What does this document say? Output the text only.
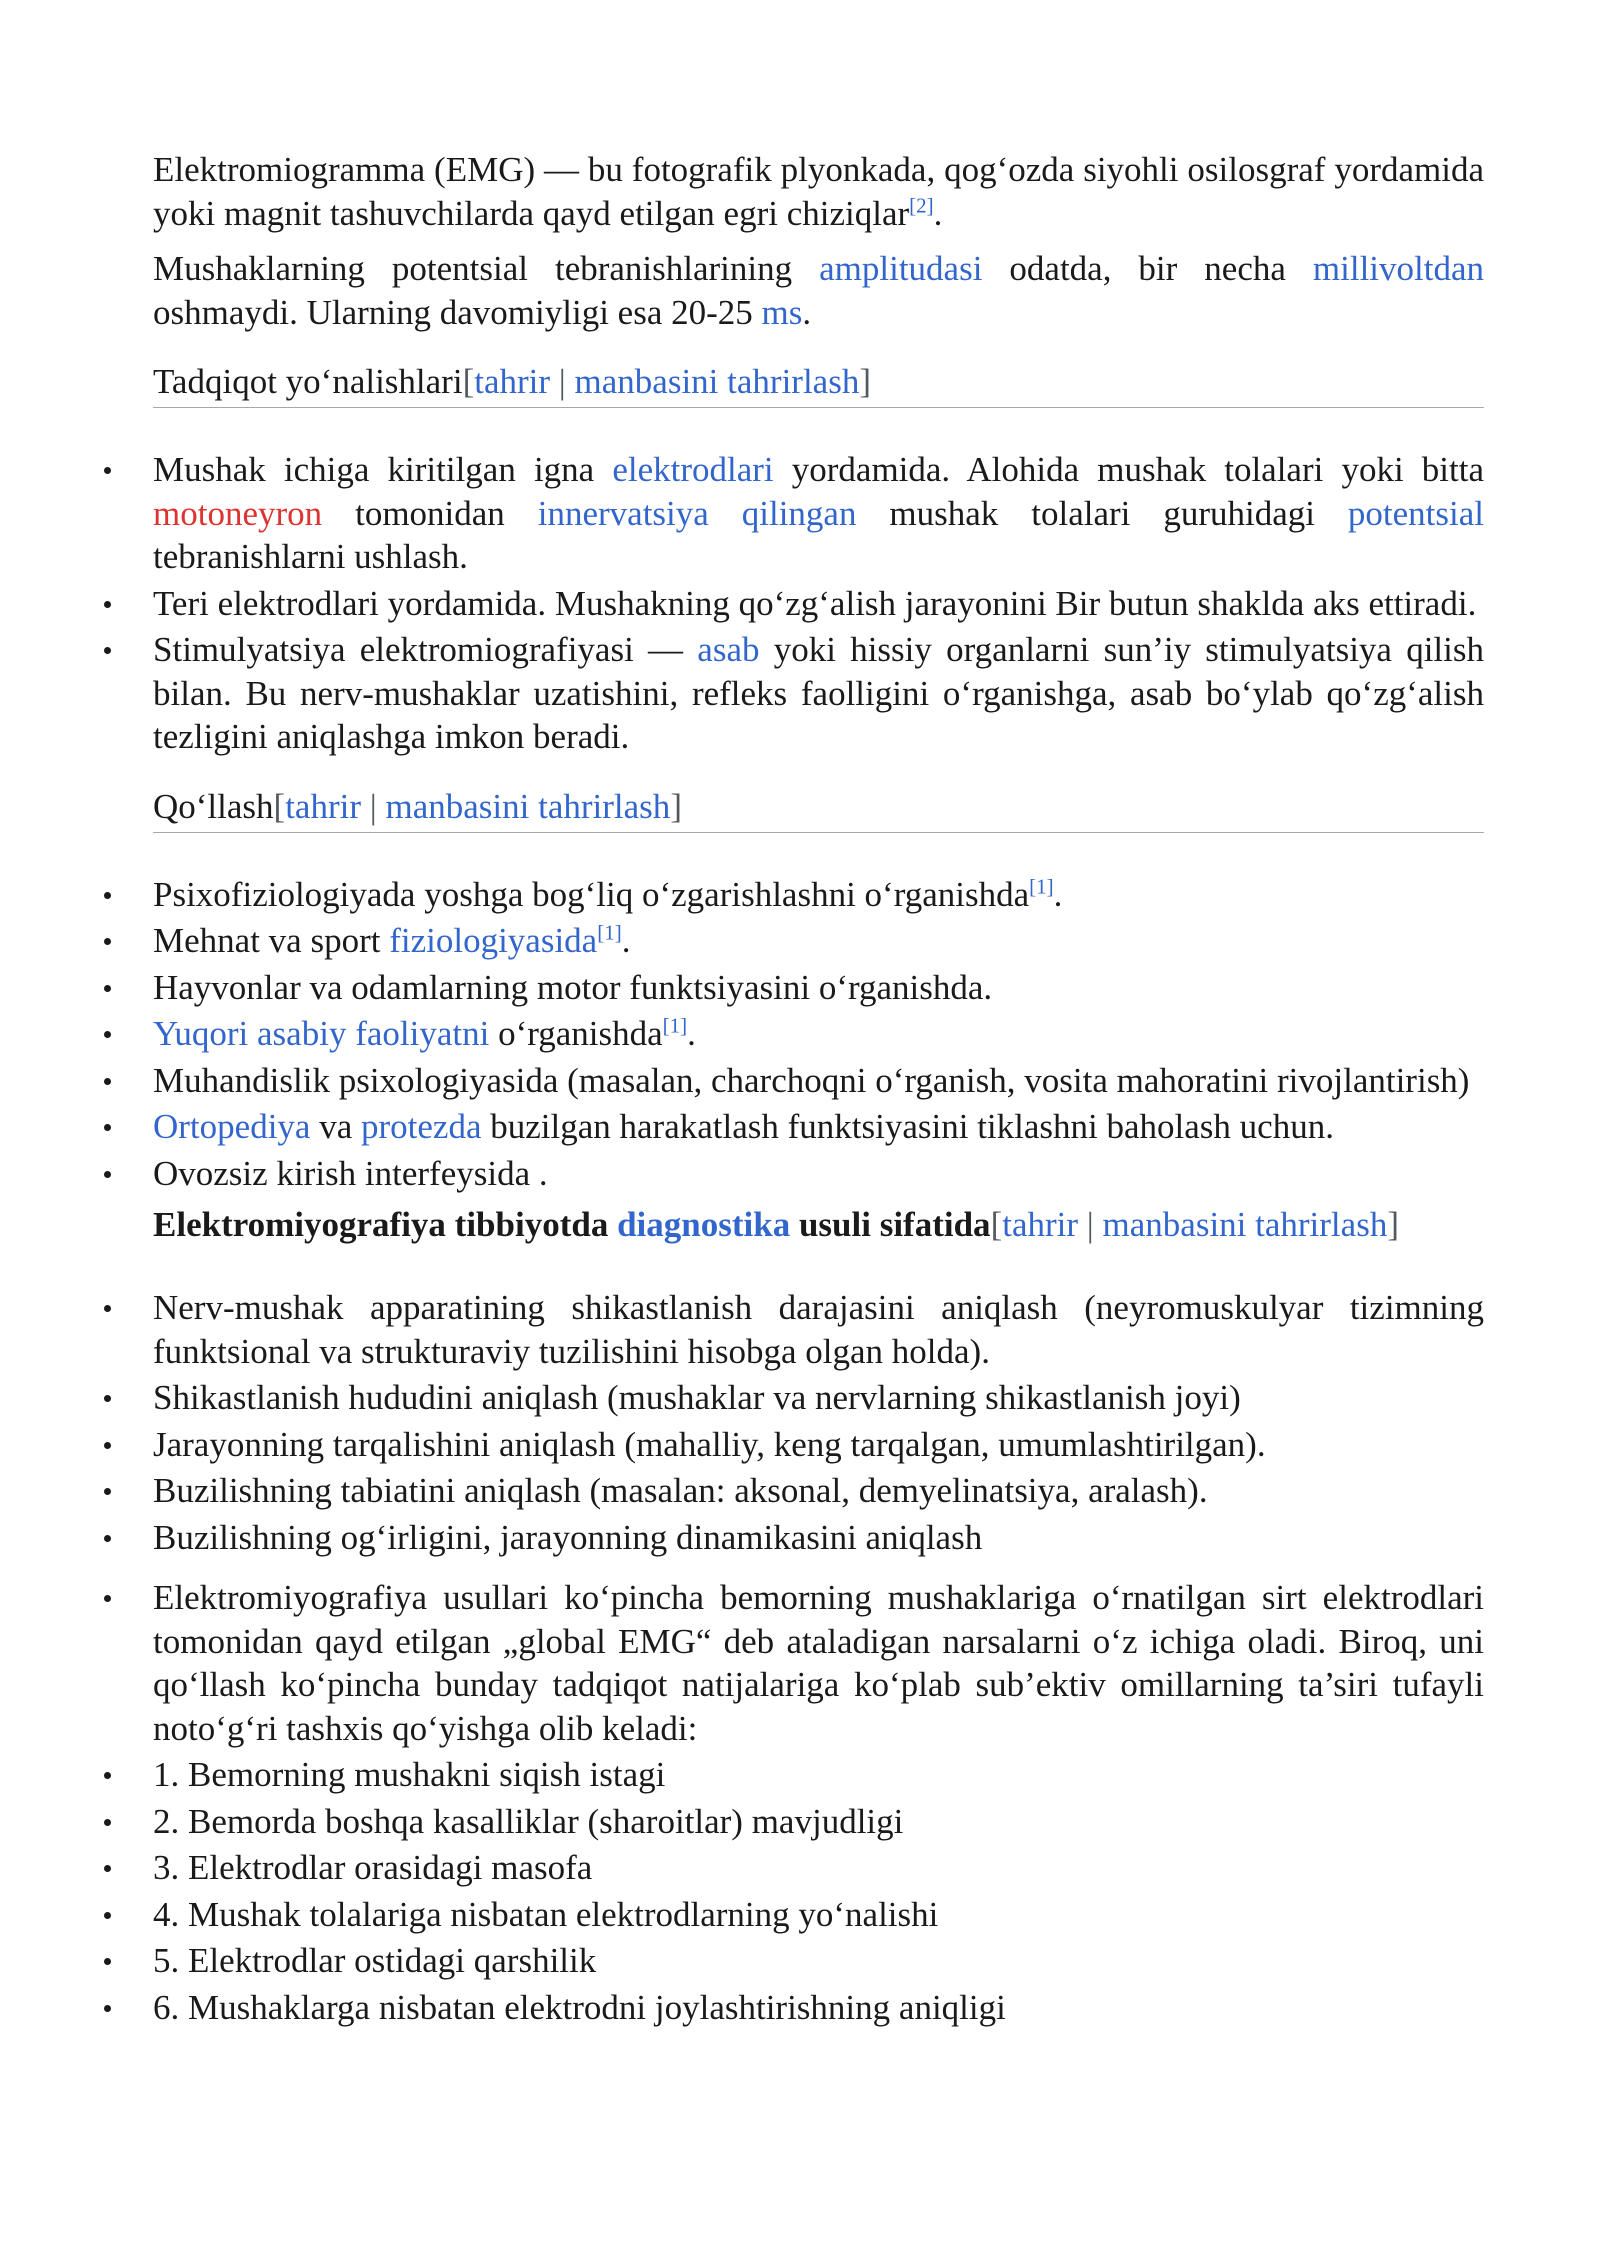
Elektromiogramma (EMG) — bu fotografik plyonkada, qog‘ozda siyohli osilosgraf yordamida yoki magnit tashuvchilarda qayd etilgan egri chiziqlar[2].

Mushaklarning potentsial tebranishlarining amplitudasi odatda, bir necha millivoltdan oshmaydi. Ularning davomiyligi esa 20-25 ms.

Tadqiqot yo‘nalishlari[tahrir | manbasini tahrirlash]
Mushak ichiga kiritilgan igna elektrodlari yordamida. Alohida mushak tolalari yoki bitta motoneyron tomonidan innervatsiya qilingan mushak tolalari guruhidagi potentsial tebranishlarni ushlash.
Teri elektrodlari yordamida. Mushakning qo‘zg‘alish jarayonini Bir butun shaklda aks ettiradi.
Stimulyatsiya elektromiografiyasi — asab yoki hissiy organlarni sun’iy stimulyatsiya qilish bilan. Bu nerv-mushaklar uzatishini, refleks faolligini o‘rganishga, asab bo‘ylab qo‘zg‘alish tezligini aniqlashga imkon beradi.
Qo‘llash[tahrir | manbasini tahrirlash]
Psixofiziologiyada yoshga bog‘liq o‘zgarishlashni o‘rganishda[1].
Mehnat va sport fiziologiyasida[1].
Hayvonlar va odamlarning motor funktsiyasini o‘rganishda.
Yuqori asabiy faoliyatni o‘rganishda[1].
Muhandislik psixologiyasida (masalan, charchoqni o‘rganish, vosita mahoratini rivojlantirish)
Ortopediya va protezda buzilgan harakatlash funktsiyasini tiklashni baholash uchun.
Ovozsiz kirish interfeysida .
Elektromiyografiya tibbiyotda diagnostika usuli sifatida[tahrir | manbasini tahrirlash]
Nerv-mushak apparatining shikastlanish darajasini aniqlash (neyromuskulyar tizimning funktsional va strukturaviy tuzilishini hisobga olgan holda).
Shikastlanish hududini aniqlash (mushaklar va nervlarning shikastlanish joyi)
Jarayonning tarqalishini aniqlash (mahalliy, keng tarqalgan, umumlashtirilgan).
Buzilishning tabiatini aniqlash (masalan: aksonal, demyelinatsiya, aralash).
Buzilishning og‘irligini, jarayonning dinamikasini aniqlash
Elektromiyografiya usullari ko‘pincha bemorning mushaklariga o‘rnatilgan sirt elektrodlari tomonidan qayd etilgan „global EMG“ deb ataladigan narsalarni o‘z ichiga oladi. Biroq, uni qo‘llash ko‘pincha bunday tadqiqot natijalariga ko‘plab sub’ektiv omillarning ta’siri tufayli noto‘g‘ri tashxis qo‘yishga olib keladi:
1. Bemorning mushakni siqish istagi
2. Bemorda boshqa kasalliklar (sharoitlar) mavjudligi
3. Elektrodlar orasidagi masofa
4. Mushak tolalariga nisbatan elektrodlarning yo‘nalishi
5. Elektrodlar ostidagi qarshilik
6. Mushaklarga nisbatan elektrodni joylashtirishning aniqligi
